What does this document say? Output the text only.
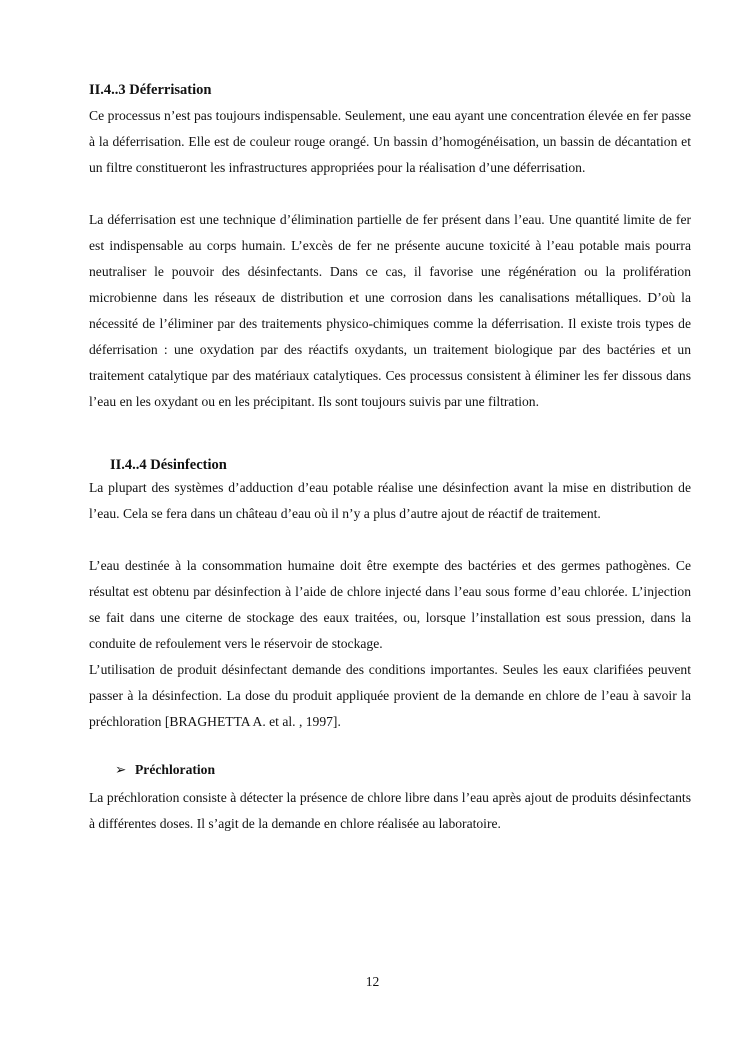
II.4..3 Déferrisation

Ce processus n’est pas toujours indispensable. Seulement, une eau ayant une concentration élevée en fer passe à la déferrisation. Elle est de couleur rouge orangé. Un bassin d’homogénéisation, un bassin de décantation et un filtre constitueront les infrastructures appropriées pour la réalisation d’une déferrisation.

La déferrisation est une technique d’élimination partielle de fer présent dans l’eau. Une quantité limite de fer est indispensable au corps humain. L’excès de fer ne présente aucune toxicité à l’eau potable mais pourra neutraliser le pouvoir des désinfectants. Dans ce cas, il favorise une régénération ou la prolifération microbienne dans les réseaux de distribution et une corrosion dans les canalisations métalliques. D’où la nécessité de l’éliminer par des traitements physico-chimiques comme la déferrisation. Il existe trois types de déferrisation : une oxydation par des réactifs oxydants, un traitement biologique par des bactéries et un traitement catalytique par des matériaux catalytiques. Ces processus consistent à éliminer les fer dissous dans l’eau en les oxydant ou en les précipitant. Ils sont toujours suivis par une filtration.

II.4..4 Désinfection

La plupart des systèmes d’adduction d’eau potable réalise une désinfection avant la mise en distribution de l’eau. Cela se fera dans un château d’eau où il n’y a plus d’autre ajout de réactif de traitement.

L’eau destinée à la consommation humaine doit être exempte des bactéries et des germes pathogènes. Ce résultat est obtenu par désinfection à l’aide de chlore injecté dans l’eau sous forme d’eau chlorée. L’injection se fait dans une citerne de stockage des eaux traitées, ou, lorsque l’installation est sous pression, dans la conduite de refoulement vers le réservoir de stockage.

L’utilisation de produit désinfectant demande des conditions importantes. Seules les eaux clarifiées peuvent passer à la désinfection. La dose du produit appliquée provient de la demande en chlore de l’eau à savoir la préchloration [BRAGHETTA A. et al. , 1997].

➢ Préchloration

La préchloration consiste à détecter la présence de chlore libre dans l’eau après ajout de produits désinfectants à différentes doses. Il s’agit de la demande en chlore réalisée au laboratoire.

12
